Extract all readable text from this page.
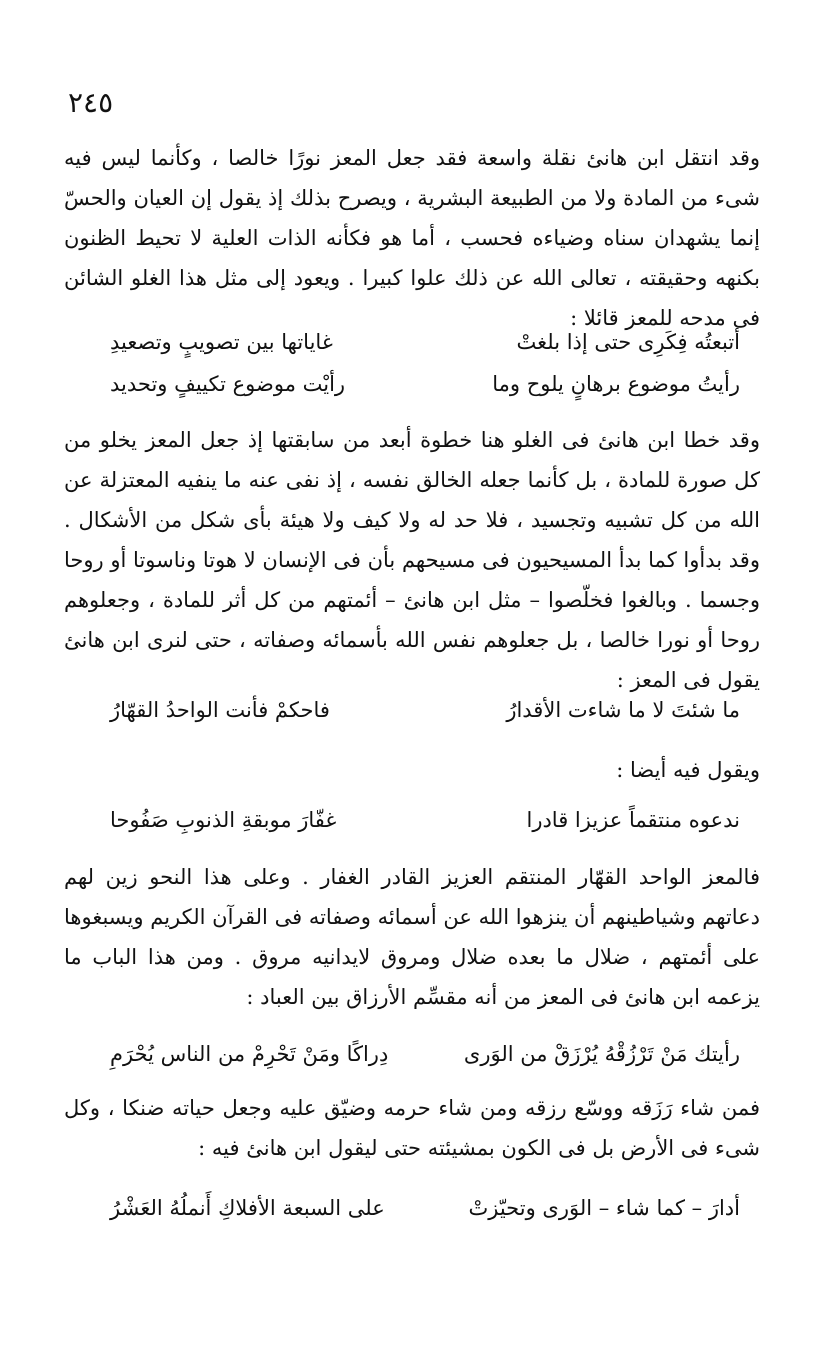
٢٤٥

وقد انتقل ابن هانئ نقلة واسعة فقد جعل المعز نورًا خالصا ، وكأنما ليس فيه شىء من المادة ولا من الطبيعة البشرية ، ويصرح بذلك إذ يقول إن العيان والحسّ إنما يشهدان سناه وضياءه فحسب ، أما هو فكأنه الذات العلية لا تحيط الظنون بكنهه وحقيقته ، تعالى الله عن ذلك علوا كبيرا . ويعود إلى مثل هذا الغلو الشائن فى مدحه للمعز قائلا :

أتبعتُه فِكَرِى حتى إذا بلغتْ
غاياتها بين تصويبٍ وتصعيدِ
رأيتُ موضوع برهانٍ يلوح وما
رأيْت موضوع تكييفٍ وتحديد

وقد خطا ابن هانئ فى الغلو هنا خطوة أبعد من سابقتها إذ جعل المعز يخلو من كل صورة للمادة ، بل كأنما جعله الخالق نفسه ، إذ نفى عنه ما ينفيه المعتزلة عن الله من كل تشبيه وتجسيد ، فلا حد له ولا كيف ولا هيئة بأى شكل من الأشكال . وقد بدأوا كما بدأ المسيحيون فى مسيحهم بأن فى الإنسان لا هوتا وناسوتا أو روحا وجسما . وبالغوا فخلّصوا – مثل ابن هانئ – أئمتهم من كل أثر للمادة ، وجعلوهم روحا أو نورا خالصا ، بل جعلوهم نفس الله بأسمائه وصفاته ، حتى لنرى ابن هانئ يقول فى المعز :

ما شئتَ لا ما شاءت الأقدارُ
فاحكمْ فأنت الواحدُ القهّارُ

ويقول فيه أيضا :

ندعوه منتقماً عزيزا قادرا
غفّارَ موبقةِ الذنوبِ صَفُوحا

فالمعز الواحد القهّار المنتقم العزيز القادر الغفار . وعلى هذا النحو زين لهم دعاتهم وشياطينهم أن ينزهوا الله عن أسمائه وصفاته فى القرآن الكريم ويسبغوها على أئمتهم ، ضلال ما بعده ضلال ومروق لايدانيه مروق . ومن هذا الباب ما يزعمه ابن هانئ فى المعز من أنه مقسِّم الأرزاق بين العباد :

رأيتك مَنْ تَرْزُقْهُ يُرْزَقْ من الوَرى
دِراكًا ومَنْ تَحْرِمْ من الناس يُحْرَمِ

فمن شاء رَزَقه ووسّع رزقه ومن شاء حرمه وضيّق عليه وجعل حياته ضنكا ، وكل شىء فى الأرض بل فى الكون بمشيئته حتى ليقول ابن هانئ فيه :

أدارَ – كما شاء – الوَرى وتحيّزتْ
على السبعة الأفلاكِ أَنملُهُ العَشْرُ
